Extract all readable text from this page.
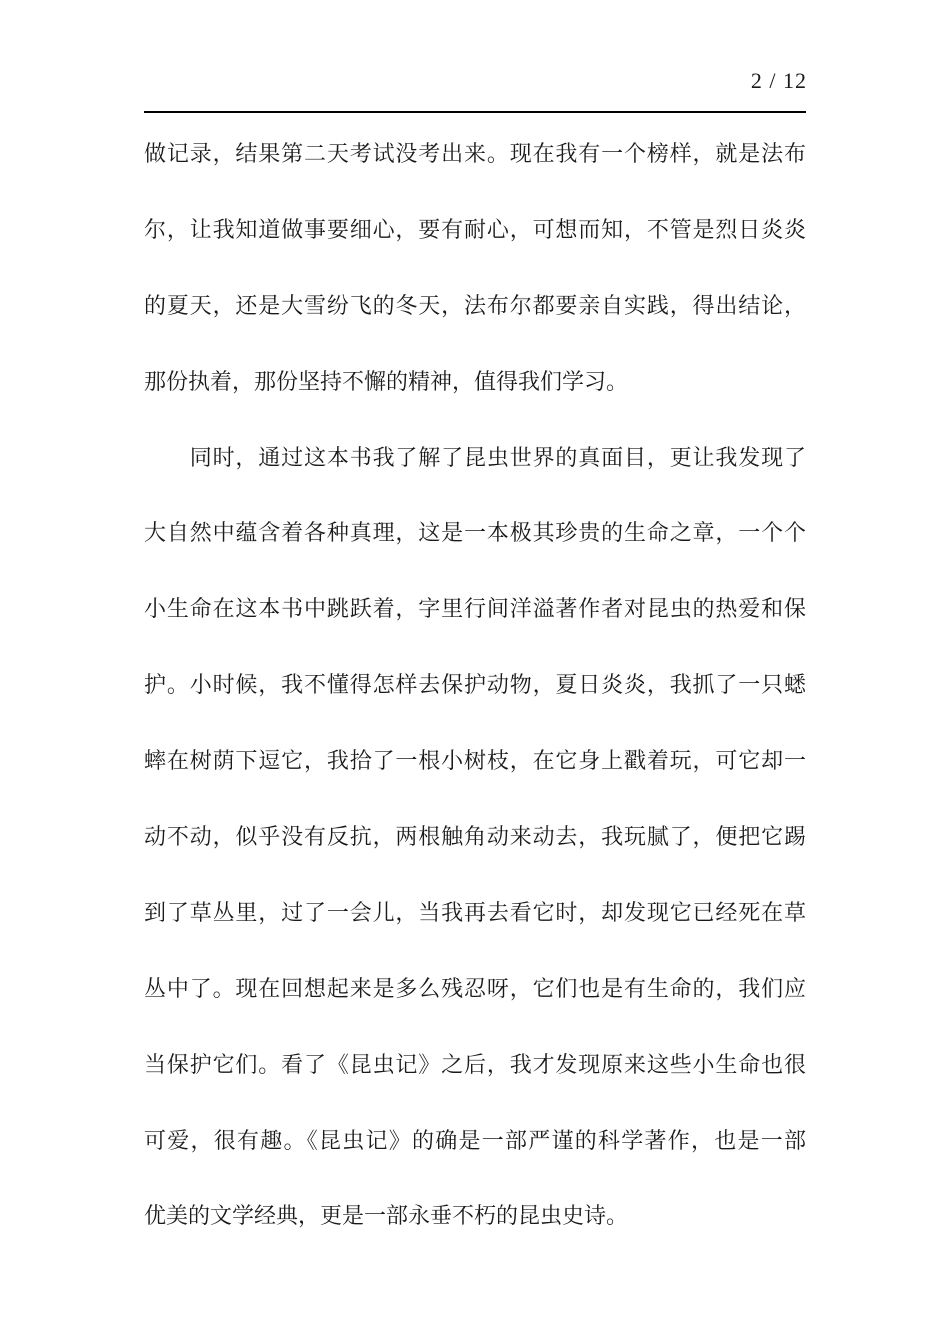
2 / 12
做记录，结果第二天考试没考出来。现在我有一个榜样，就是法布
尔，让我知道做事要细心，要有耐心，可想而知，不管是烈日炎炎
的夏天，还是大雪纷飞的冬天，法布尔都要亲自实践，得出结论，
那份执着，那份坚持不懈的精神，值得我们学习。
　　同时，通过这本书我了解了昆虫世界的真面目，更让我发现了
大自然中蕴含着各种真理，这是一本极其珍贵的生命之章，一个个
小生命在这本书中跳跃着，字里行间洋溢著作者对昆虫的热爱和保
护。小时候，我不懂得怎样去保护动物，夏日炎炎，我抓了一只蟋
蟀在树荫下逗它，我拾了一根小树枝，在它身上戳着玩，可它却一
动不动，似乎没有反抗，两根触角动来动去，我玩腻了，便把它踢
到了草丛里，过了一会儿，当我再去看它时，却发现它已经死在草
丛中了。现在回想起来是多么残忍呀，它们也是有生命的，我们应
当保护它们。看了《昆虫记》之后，我才发现原来这些小生命也很
可爱，很有趣。《昆虫记》的确是一部严谨的科学著作，也是一部
优美的文学经典，更是一部永垂不朽的昆虫史诗。
